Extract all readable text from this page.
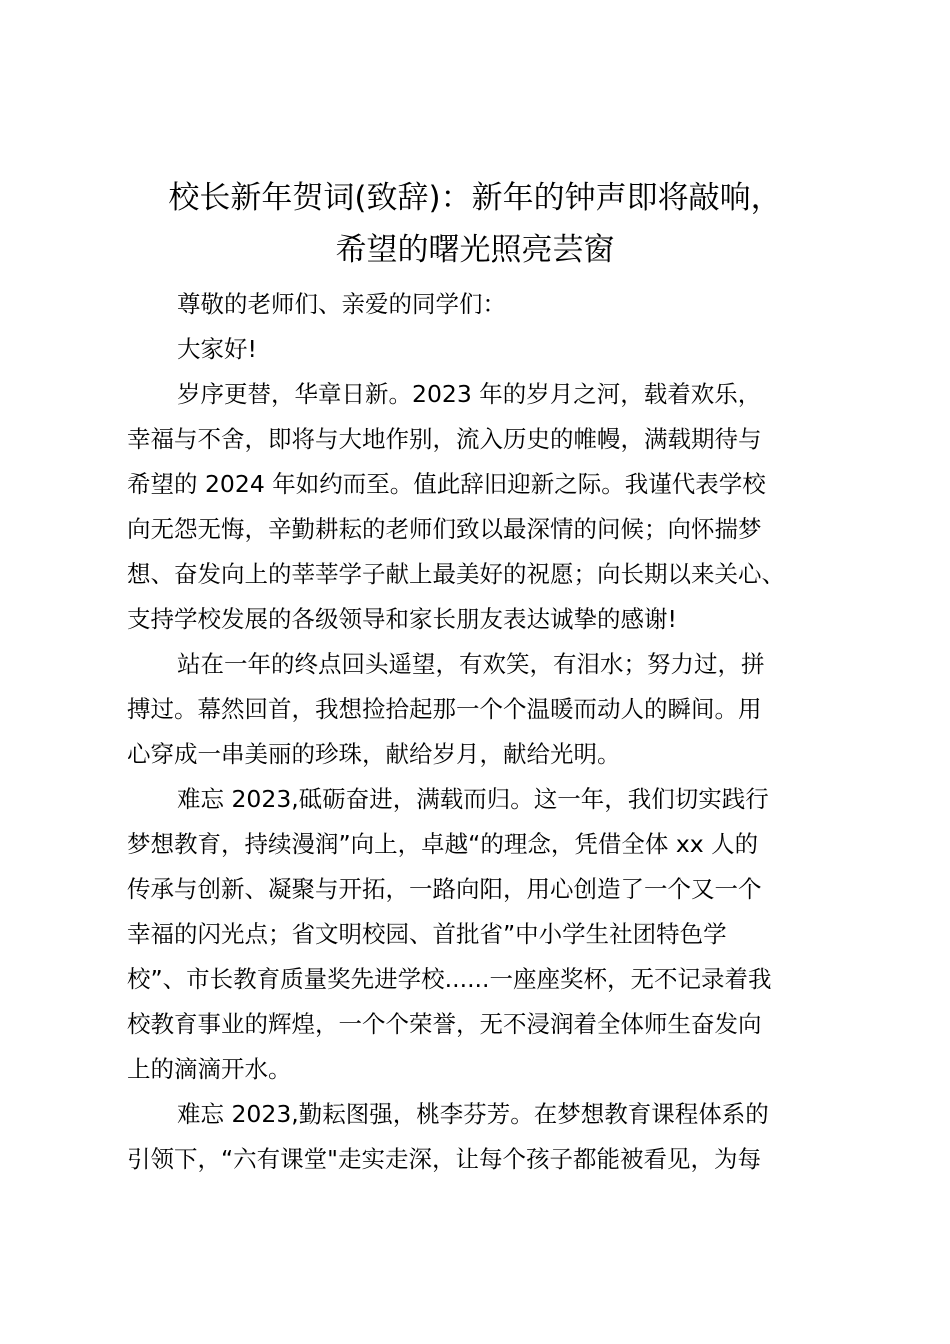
校长新年贺词(致辞)：新年的钟声即将敲响，
希望的曙光照亮芸窗

尊敬的老师们、亲爱的同学们：

大家好!

岁序更替，华章日新。2023 年的岁月之河，载着欢乐，
幸福与不舍，即将与大地作别，流入历史的帷幔，满载期待与
希望的 2024 年如约而至。值此辞旧迎新之际。我谨代表学校
向无怨无悔，辛勤耕耘的老师们致以最深情的问候；向怀揣梦
想、奋发向上的莘莘学子献上最美好的祝愿；向长期以来关心、
支持学校发展的各级领导和家长朋友表达诚挚的感谢!

站在一年的终点回头遥望，有欢笑，有泪水；努力过，拼
搏过。幕然回首，我想捡拾起那一个个温暖而动人的瞬间。用
心穿成一串美丽的珍珠，献给岁月，献给光明。

难忘 2023,砥砺奋进，满载而归。这一年，我们切实践行
梦想教育，持续漫润”向上，卓越“的理念，凭借全体 xx 人的
传承与创新、凝聚与开拓，一路向阳，用心创造了一个又一个
幸福的闪光点；省文明校园、首批省”中小学生社团特色学
校”、市长教育质量奖先进学校......一座座奖杯，无不记录着我
校教育事业的辉煌，一个个荣誉，无不浸润着全体师生奋发向
上的滴滴开水。

难忘 2023,勤耘图强，桃李芬芳。在梦想教育课程体系的
引领下，“六有课堂"走实走深，让每个孩子都能被看见，为每
